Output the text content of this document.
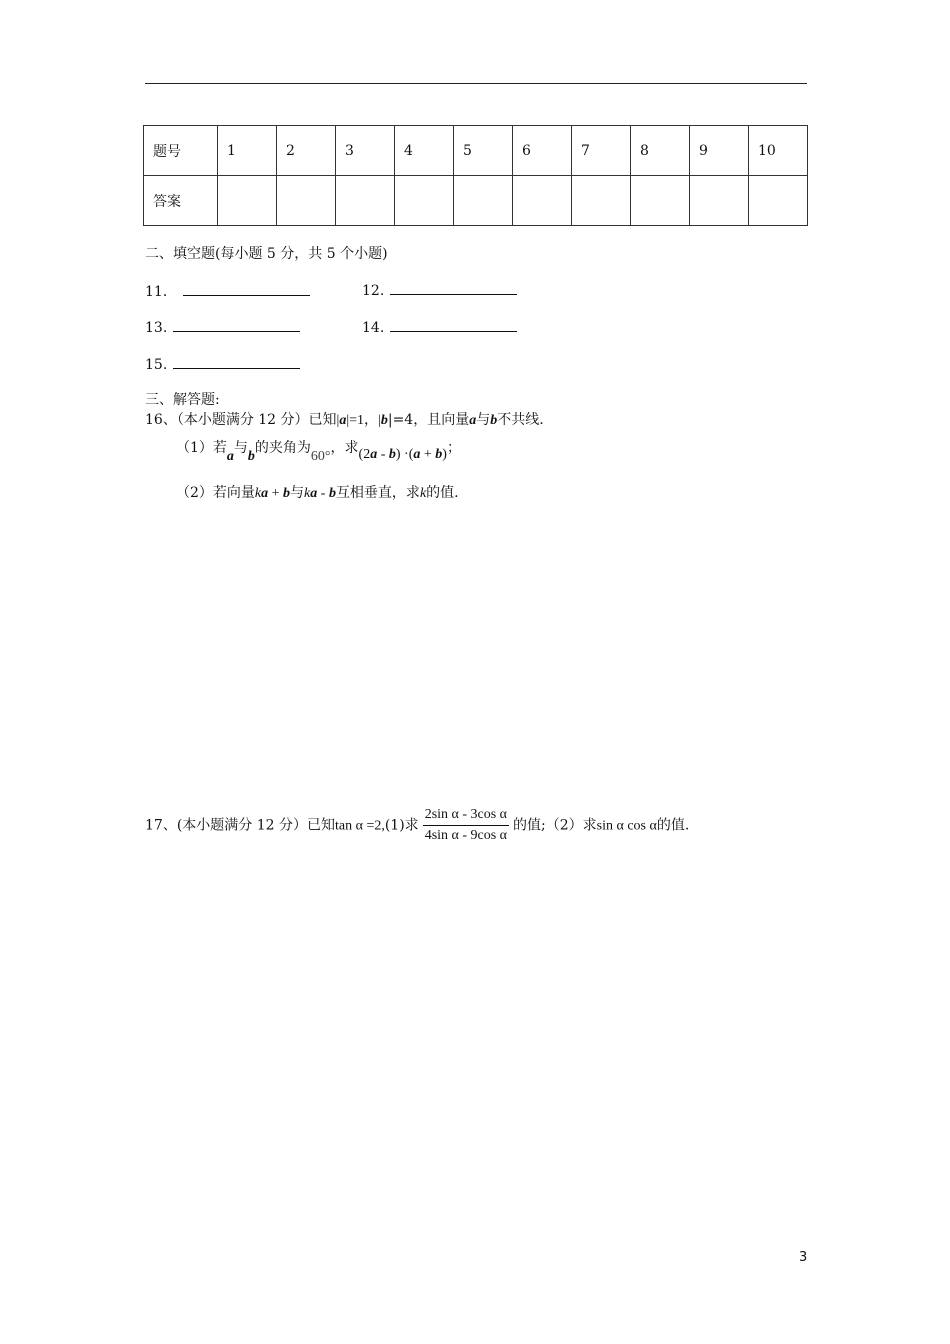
题号	1	2	3	4	5	6	7	8	9	10
答案										
二、填空题(每小题 5 分，共 5 个小题)
11．	12.
13.	14.
15.
三、解答题:
16、（本小题满分 12 分）已知|a|=1，|b|=4，且向量a与b不共线.
（1）若a与b的夹角为60°，求(2a - b) ·(a + b)；
（2）若向量ka + b与ka - b互相垂直，求k的值.
17、(本小题满分 12 分）已知tan α =2,(1)求 $\frac{\text{2sin α - 3cos α}}{\text{4sin α - 9cos α}}$ 的值;（2）求sin α cos α的值.
3
